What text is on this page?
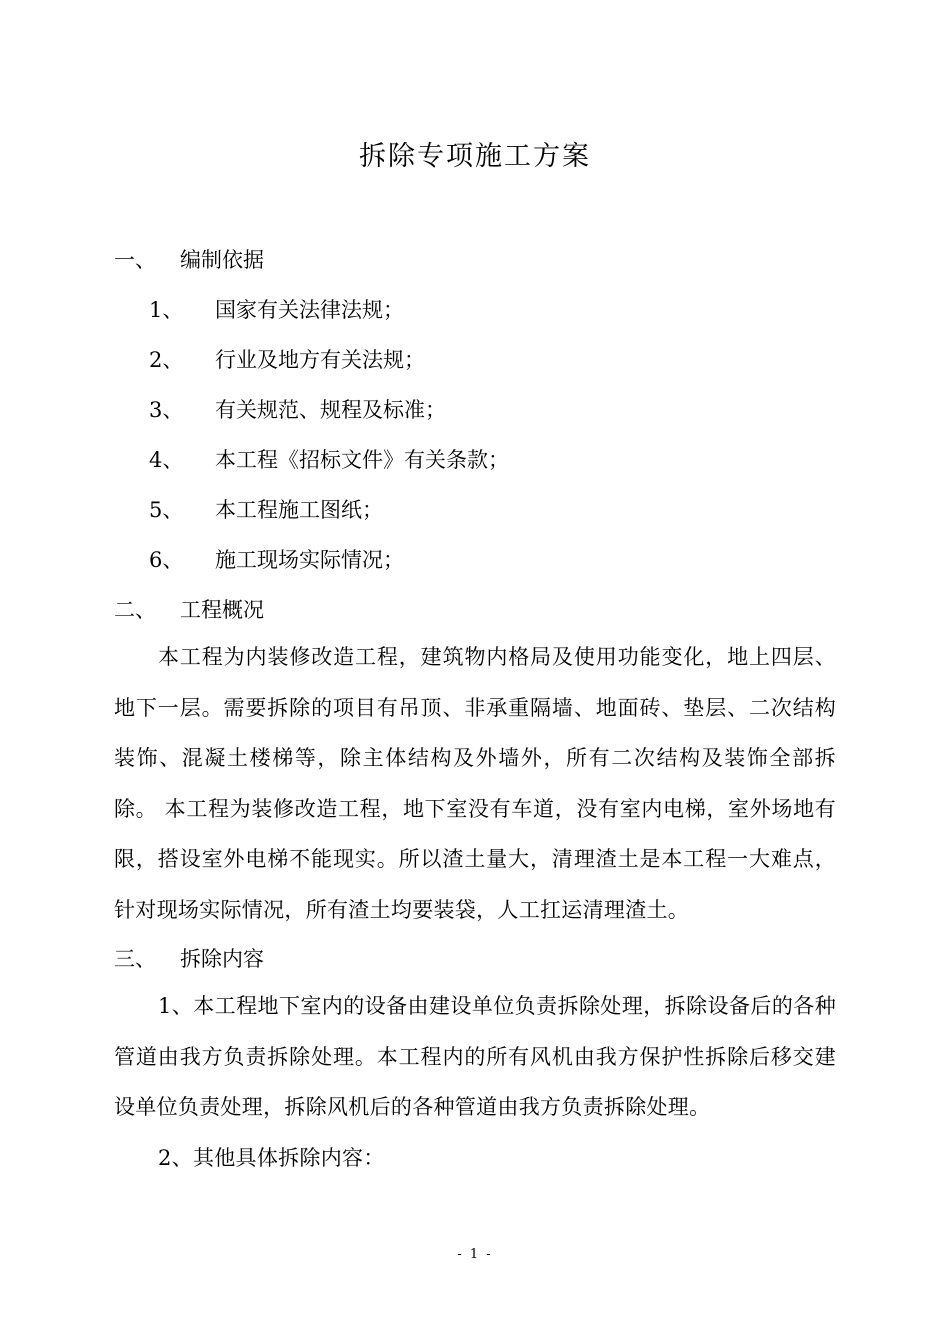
拆除专项施工方案
一、 编制依据
1、 国家有关法律法规；
2、 行业及地方有关法规；
3、 有关规范、规程及标准；
4、 本工程《招标文件》有关条款；
5、 本工程施工图纸；
6、 施工现场实际情况；
二、 工程概况

本工程为内装修改造工程，建筑物内格局及使用功能变化，地上四层、地下一层。需要拆除的项目有吊顶、非承重隔墙、地面砖、垫层、二次结构装饰、混凝土楼梯等，除主体结构及外墙外，所有二次结构及装饰全部拆除。 本工程为装修改造工程，地下室没有车道，没有室内电梯，室外场地有限，搭设室外电梯不能现实。所以渣土量大，清理渣土是本工程一大难点，针对现场实际情况，所有渣土均要装袋，人工扛运清理渣土。

三、 拆除内容

1、本工程地下室内的设备由建设单位负责拆除处理，拆除设备后的各种管道由我方负责拆除处理。本工程内的所有风机由我方保护性拆除后移交建设单位负责处理，拆除风机后的各种管道由我方负责拆除处理。

2、其他具体拆除内容：

- 1 -
